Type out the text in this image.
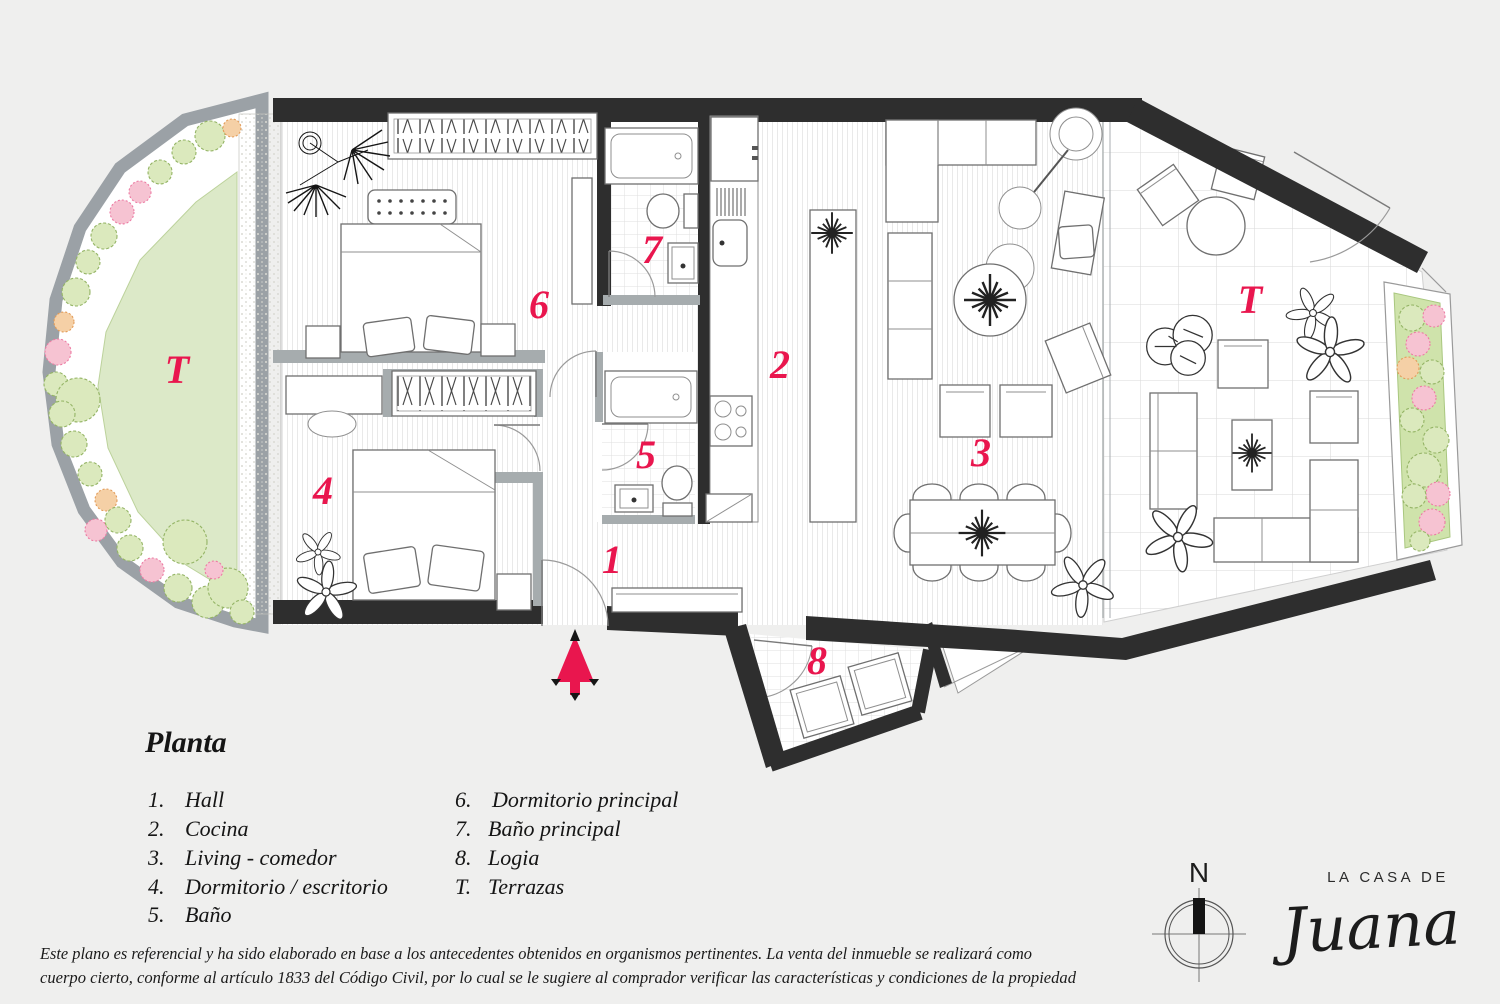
1
2
3
4
5
6
7
8
T
T
Planta
1. Hall
2. Cocina
3. Living - comedor
4. Dormitorio / escritorio
5. Baño
6. Dormitorio principal
7. Baño principal
8. Logia
T. Terrazas	N	LA CASA DE
Juana
Este plano es referencial y ha sido elaborado en base a los antecedentes obtenidos en organismos pertinentes. La venta del inmueble se realizará como
cuerpo cierto, conforme al artículo 1833 del Código Civil, por lo cual se le sugiere al comprador verificar las características y condiciones de la propiedad
